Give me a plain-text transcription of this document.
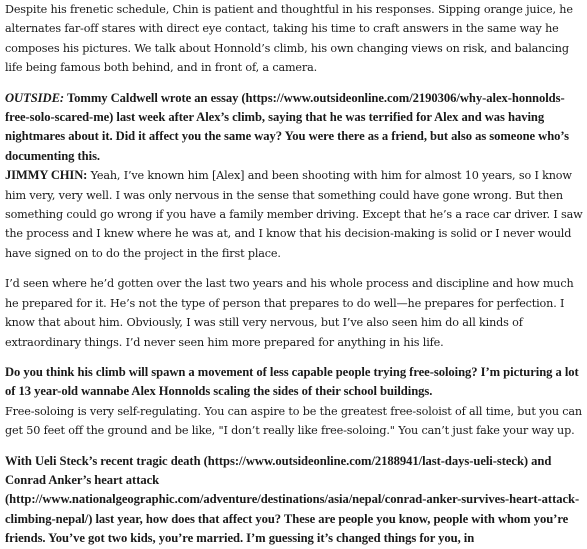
Despite his frenetic schedule, Chin is patient and thoughtful in his responses. Sipping orange juice, he alternates far-off stares with direct eye contact, taking his time to craft answers in the same way he composes his pictures. We talk about Honnold’s climb, his own changing views on risk, and balancing life being famous both behind, and in front of, a camera.

OUTSIDE: Tommy Caldwell wrote an essay (https://www.outsideonline.com/2190306/why-alex-honnolds-free-solo-scared-me) last week after Alex’s climb, saying that he was terrified for Alex and was having nightmares about it. Did it affect you the same way? You were there as a friend, but also as someone who’s documenting this.

JIMMY CHIN: Yeah, I’ve known him [Alex] and been shooting with him for almost 10 years, so I know him very, very well. I was only nervous in the sense that something could have gone wrong. But then something could go wrong if you have a family member driving. Except that he’s a race car driver. I saw the process and I knew where he was at, and I know that his decision-making is solid or I never would have signed on to do the project in the first place.

I’d seen where he’d gotten over the last two years and his whole process and discipline and how much he prepared for it. He’s not the type of person that prepares to do well—he prepares for perfection. I know that about him. Obviously, I was still very nervous, but I’ve also seen him do all kinds of extraordinary things. I’d never seen him more prepared for anything in his life.

Do you think his climb will spawn a movement of less capable people trying free-soloing? I’m picturing a lot of 13 year-old wannabe Alex Honnolds scaling the sides of their school buildings.

Free-soloing is very self-regulating. You can aspire to be the greatest free-soloist of all time, but you can get 50 feet off the ground and be like, "I don’t really like free-soloing." You can’t just fake your way up.

With Ueli Steck’s recent tragic death (https://www.outsideonline.com/2188941/last-days-ueli-steck) and Conrad Anker’s heart attack (http://www.nationalgeographic.com/adventure/destinations/asia/nepal/conrad-anker-survives-heart-attack-climbing-nepal/) last year, how does that affect you? These are people you know, people with whom you’re friends. You’ve got two kids, you’re married. I’m guessing it’s changed things for you, in
